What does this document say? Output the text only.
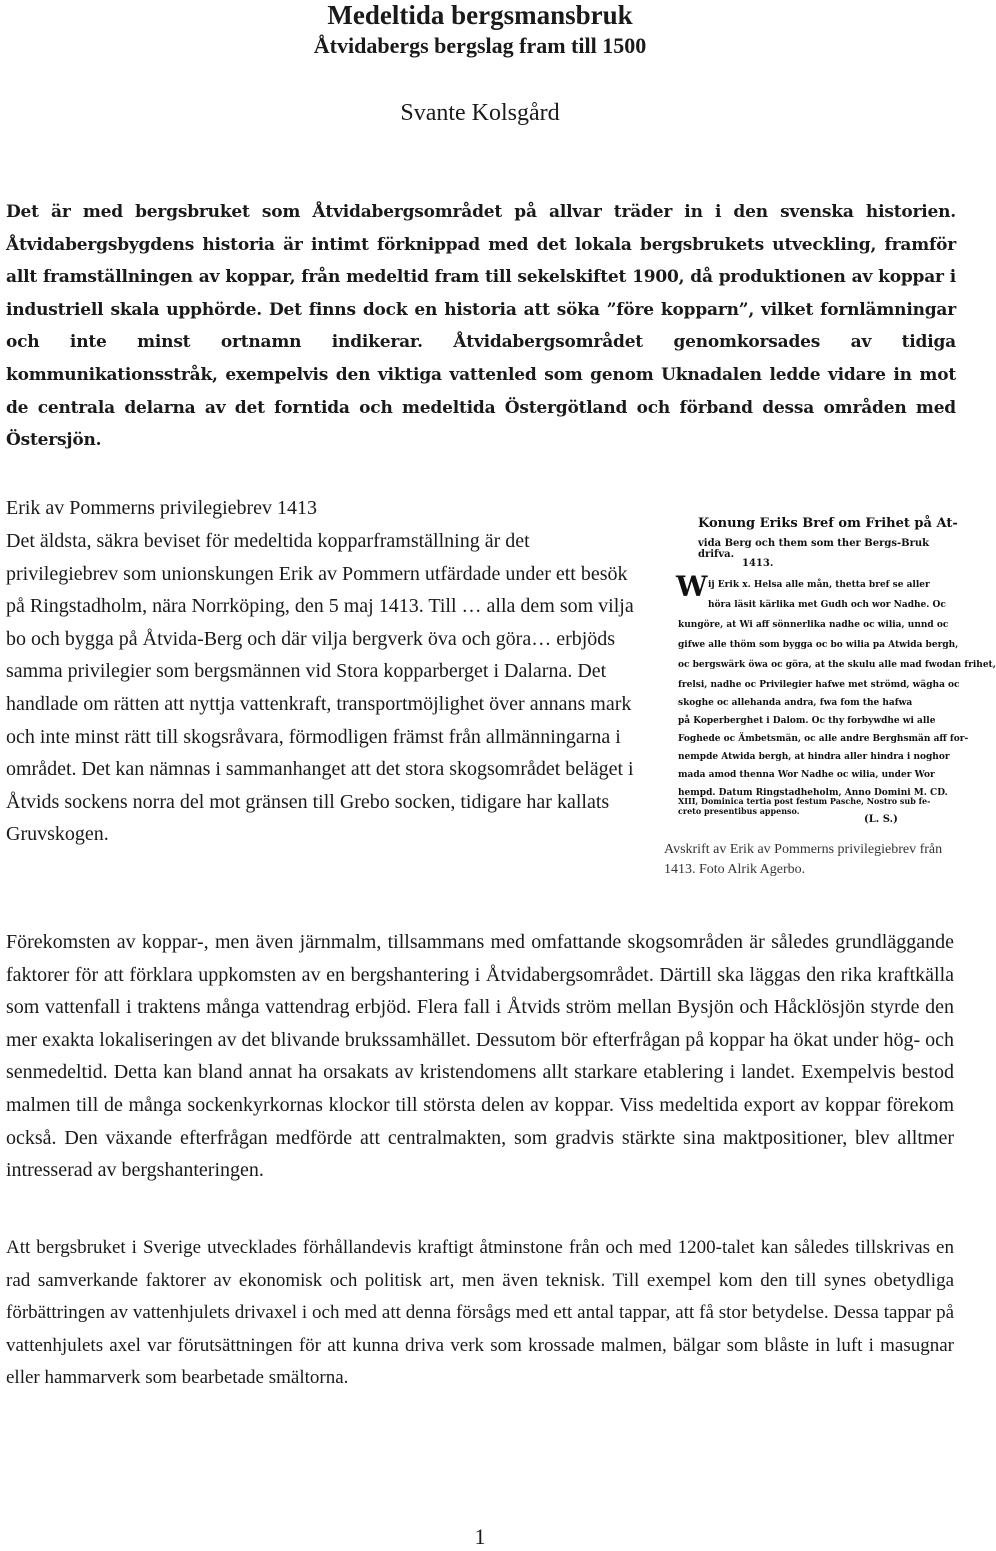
Medeltida bergsmansbruk
Åtvidabergs bergslag fram till 1500
Svante Kolsgård
Det är med bergsbruket som Åtvidabergsområdet på allvar träder in i den svenska historien. Åtvidabergsbygdens historia är intimt förknippad med det lokala bergsbrukets utveckling, framför allt framställningen av koppar, från medeltid fram till sekelskiftet 1900, då produktionen av koppar i industriell skala upphörde. Det finns dock en historia att söka ”före kopparn”, vilket fornlämningar och inte minst ortnamn indikerar. Åtvidabergsområdet genomkorsades av tidiga kommunikationsstråk, exempelvis den viktiga vattenled som genom Uknadalen ledde vidare in mot de centrala delarna av det forntida och medeltida Östergötland och förband dessa områden med Östersjön.
Erik av Pommerns privilegiebrev 1413
Det äldsta, säkra beviset för medeltida kopparframställning är det privilegiebrev som unionskungen Erik av Pommern utfärdade under ett besök på Ringstadholm, nära Norrköping, den 5 maj 1413. Till … alla dem som vilja bo och bygga på Åtvida-Berg och där vilja bergverk öva och göra… erbjöds samma privilegier som bergsmännen vid Stora kopparberget i Dalarna. Det handlade om rätten att nyttja vattenkraft, transportmöjlighet över annans mark och inte minst rätt till skogsråvara, förmodligen främst från allmänningarna i området. Det kan nämnas i sammanhanget att det stora skogsområdet beläget i Åtvids sockens norra del mot gränsen till Grebo socken, tidigare har kallats Gruvskogen.
Konung Eriks Bref om Frihet på At-
vida Berg och them som ther Bergs-Bruk drifva.
1413.
W ij Erik x. Helsa alle mån, thetta bref se aller
höra läsit kärlika met Gudh och wor Nadhe. Oc
kungöre, at Wi aff sönnerlika nadhe oc wilia, unnd oc
gifwe alle thöm som bygga oc bo wilia pa Atwida bergh,
oc bergswärk öwa oc göra, at the skulu alle mad fwodan frihet,
frelsi, nadhe oc Privilegier hafwe met strömd, wägha oc
skoghe oc allehanda andra, fwa fom the hafwa
på Koperberghet i Dalom. Oc thy forbywdhe wi alle
Foghede oc Ämbetsmän, oc alle andre Berghsmän aff for-
nempde Atwida bergh, at hindra aller hindra i noghor
mada amod thenna Wor Nadhe oc wilia, under Wor
hempd. Datum Ringstadheholm, Anno Domini M. CD.
XIII, Dominica tertia post festum Pasche, Nostro sub fe-
creto presentibus appenso.
(L. S.)
Avskrift av Erik av Pommerns privilegiebrev från 1413. Foto Alrik Agerbo.
Förekomsten av koppar-, men även järnmalm, tillsammans med omfattande skogsområden är således grundläggande faktorer för att förklara uppkomsten av en bergshantering i Åtvidabergsområdet. Därtill ska läggas den rika kraftkälla som vattenfall i traktens många vattendrag erbjöd. Flera fall i Åtvids ström mellan Bysjön och Håcklösjön styrde den mer exakta lokaliseringen av det blivande brukssamhället. Dessutom bör efterfrågan på koppar ha ökat under hög- och senmedeltid. Detta kan bland annat ha orsakats av kristendomens allt starkare etablering i landet. Exempelvis bestod malmen till de många sockenkyrkornas klockor till största delen av koppar. Viss medeltida export av koppar förekom också. Den växande efterfrågan medförde att centralmakten, som gradvis stärkte sina maktpositioner, blev alltmer intresserad av bergshanteringen.
Att bergsbruket i Sverige utvecklades förhållandevis kraftigt åtminstone från och med 1200-talet kan således tillskrivas en rad samverkande faktorer av ekonomisk och politisk art, men även teknisk. Till exempel kom den till synes obetydliga förbättringen av vattenhjulets drivaxel i och med att denna försågs med ett antal tappar, att få stor betydelse. Dessa tappar på vattenhjulets axel var förutsättningen för att kunna driva verk som krossade malmen, bälgar som blåste in luft i masugnar eller hammarverk som bearbetade smältorna.
1
